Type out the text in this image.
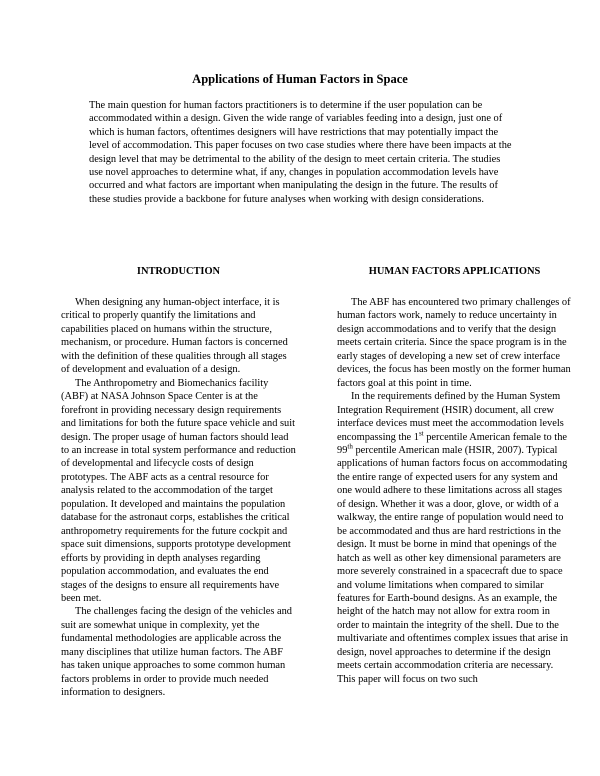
Applications of Human Factors in Space

The main question for human factors practitioners is to determine if the user population can be accommodated within a design. Given the wide range of variables feeding into a design, just one of which is human factors, oftentimes designers will have restrictions that may potentially impact the level of accommodation. This paper focuses on two case studies where there have been impacts at the design level that may be detrimental to the ability of the design to meet certain criteria. The studies use novel approaches to determine what, if any, changes in population accommodation levels have occurred and what factors are important when manipulating the design in the future. The results of these studies provide a backbone for future analyses when working with design considerations.

INTRODUCTION

When designing any human-object interface, it is critical to properly quantify the limitations and capabilities placed on humans within the structure, mechanism, or procedure. Human factors is concerned with the definition of these qualities through all stages of development and evaluation of a design.

The Anthropometry and Biomechanics facility (ABF) at NASA Johnson Space Center is at the forefront in providing necessary design requirements and limitations for both the future space vehicle and suit design. The proper usage of human factors should lead to an increase in total system performance and reduction of developmental and lifecycle costs of design prototypes. The ABF acts as a central resource for analysis related to the accommodation of the target population. It developed and maintains the population database for the astronaut corps, establishes the critical anthropometry requirements for the future cockpit and space suit dimensions, supports prototype development efforts by providing in depth analyses regarding population accommodation, and evaluates the end stages of the designs to ensure all requirements have been met.

The challenges facing the design of the vehicles and suit are somewhat unique in complexity, yet the fundamental methodologies are applicable across the many disciplines that utilize human factors. The ABF has taken unique approaches to some common human factors problems in order to provide much needed information to designers.

HUMAN FACTORS APPLICATIONS

The ABF has encountered two primary challenges of human factors work, namely to reduce uncertainty in design accommodations and to verify that the design meets certain criteria. Since the space program is in the early stages of developing a new set of crew interface devices, the focus has been mostly on the former human factors goal at this point in time.

In the requirements defined by the Human System Integration Requirement (HSIR) document, all crew interface devices must meet the accommodation levels encompassing the 1st percentile American female to the 99th percentile American male (HSIR, 2007). Typical applications of human factors focus on accommodating the entire range of expected users for any system and one would adhere to these limitations across all stages of design. Whether it was a door, glove, or width of a walkway, the entire range of population would need to be accommodated and thus are hard restrictions in the design. It must be borne in mind that openings of the hatch as well as other key dimensional parameters are more severely constrained in a spacecraft due to space and volume limitations when compared to similar features for Earth-bound designs. As an example, the height of the hatch may not allow for extra room in order to maintain the integrity of the shell. Due to the multivariate and oftentimes complex issues that arise in design, novel approaches to determine if the design meets certain accommodation criteria are necessary. This paper will focus on two such
